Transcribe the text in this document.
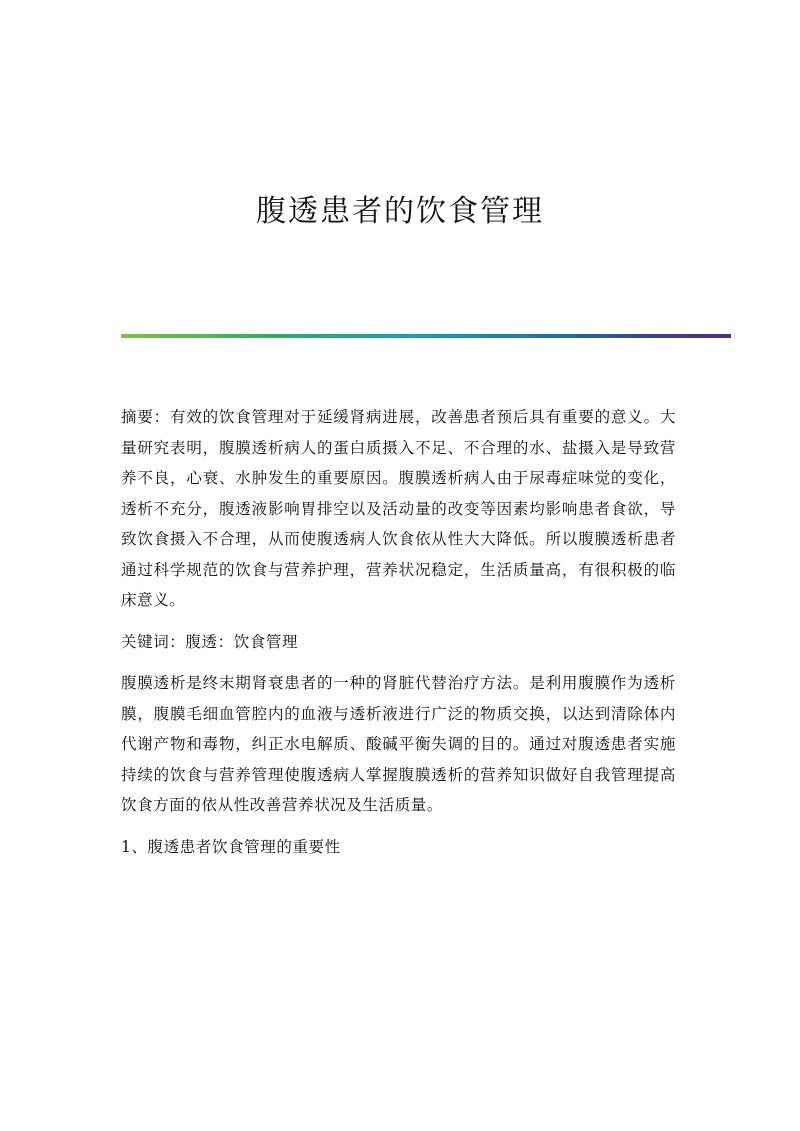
腹透患者的饮食管理

摘要：有效的饮食管理对于延缓肾病进展，改善患者预后具有重要的意义。大量研究表明，腹膜透析病人的蛋白质摄入不足、不合理的水、盐摄入是导致营养不良，心衰、水肿发生的重要原因。腹膜透析病人由于尿毒症味觉的变化，透析不充分，腹透液影响胃排空以及活动量的改变等因素均影响患者食欲，导致饮食摄入不合理，从而使腹透病人饮食依从性大大降低。所以腹膜透析患者通过科学规范的饮食与营养护理，营养状况稳定，生活质量高，有很积极的临床意义。

关键词：腹透：饮食管理

腹膜透析是终末期肾衰患者的一种的肾脏代替治疗方法。是利用腹膜作为透析膜，腹膜毛细血管腔内的血液与透析液进行广泛的物质交换，以达到清除体内代谢产物和毒物，纠正水电解质、酸碱平衡失调的目的。通过对腹透患者实施持续的饮食与营养管理使腹透病人掌握腹膜透析的营养知识做好自我管理提高饮食方面的依从性改善营养状况及生活质量。

1、腹透患者饮食管理的重要性
